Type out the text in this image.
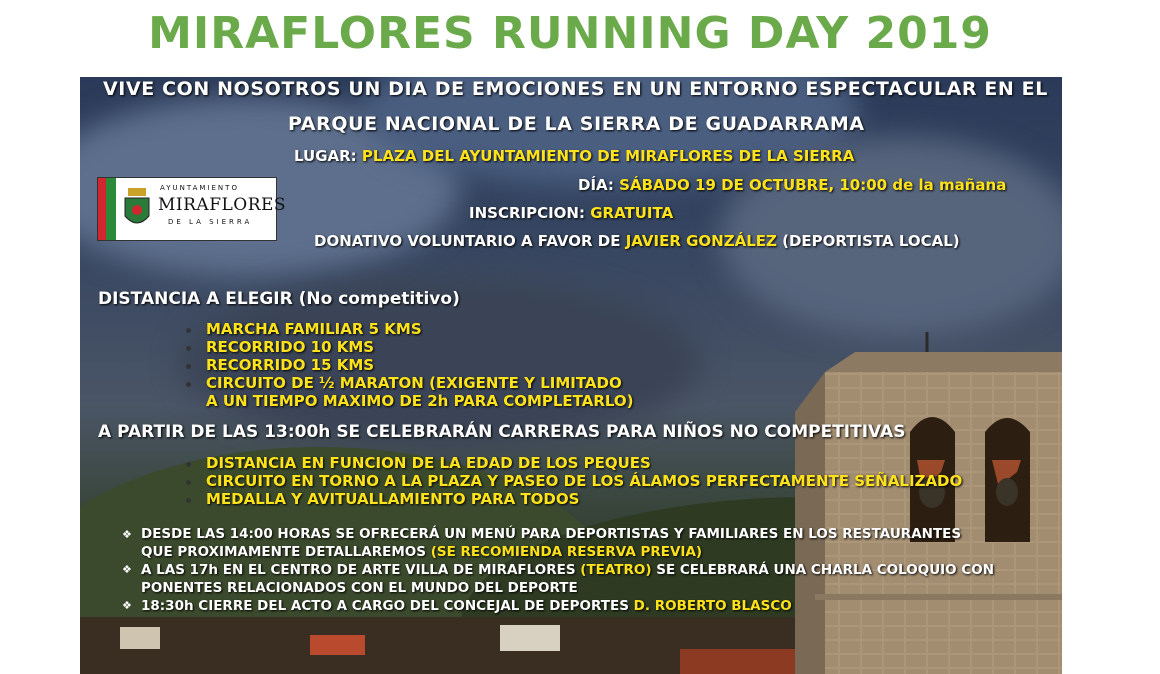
MIRAFLORES RUNNING DAY 2019
VIVE CON NOSOTROS UN DIA DE EMOCIONES EN UN ENTORNO ESPECTACULAR EN EL
PARQUE NACIONAL DE LA SIERRA DE GUADARRAMA
LUGAR: PLAZA DEL AYUNTAMIENTO DE MIRAFLORES DE LA SIERRA
DÍA: SÁBADO 19 DE OCTUBRE, 10:00 de la mañana
INSCRIPCION: GRATUITA
DONATIVO VOLUNTARIO A FAVOR DE JAVIER GONZÁLEZ (DEPORTISTA LOCAL)
AYUNTAMIENTO
MIRAFLORES
DE LA SIERRA
DISTANCIA A ELEGIR (No competitivo)
MARCHA FAMILIAR 5 KMS
RECORRIDO 10 KMS
RECORRIDO 15 KMS
CIRCUITO DE ½ MARATON (EXIGENTE Y LIMITADO
A UN TIEMPO MAXIMO DE 2h PARA COMPLETARLO)
A PARTIR DE LAS 13:00h SE CELEBRARÁN CARRERAS PARA NIÑOS NO COMPETITIVAS
DISTANCIA EN FUNCION DE LA EDAD DE LOS PEQUES
CIRCUITO EN TORNO A LA PLAZA Y PASEO DE LOS ÁLAMOS PERFECTAMENTE SEÑALIZADO
MEDALLA Y AVITUALLAMIENTO PARA TODOS
❖ DESDE LAS 14:00 HORAS SE OFRECERÁ UN MENÚ PARA DEPORTISTAS Y FAMILIARES EN LOS RESTAURANTES
QUE PROXIMAMENTE DETALLAREMOS (SE RECOMIENDA RESERVA PREVIA)
❖ A LAS 17h EN EL CENTRO DE ARTE VILLA DE MIRAFLORES (TEATRO) SE CELEBRARÁ UNA CHARLA COLOQUIO CON
PONENTES RELACIONADOS CON EL MUNDO DEL DEPORTE
❖ 18:30h CIERRE DEL ACTO A CARGO DEL CONCEJAL DE DEPORTES D. ROBERTO BLASCO
